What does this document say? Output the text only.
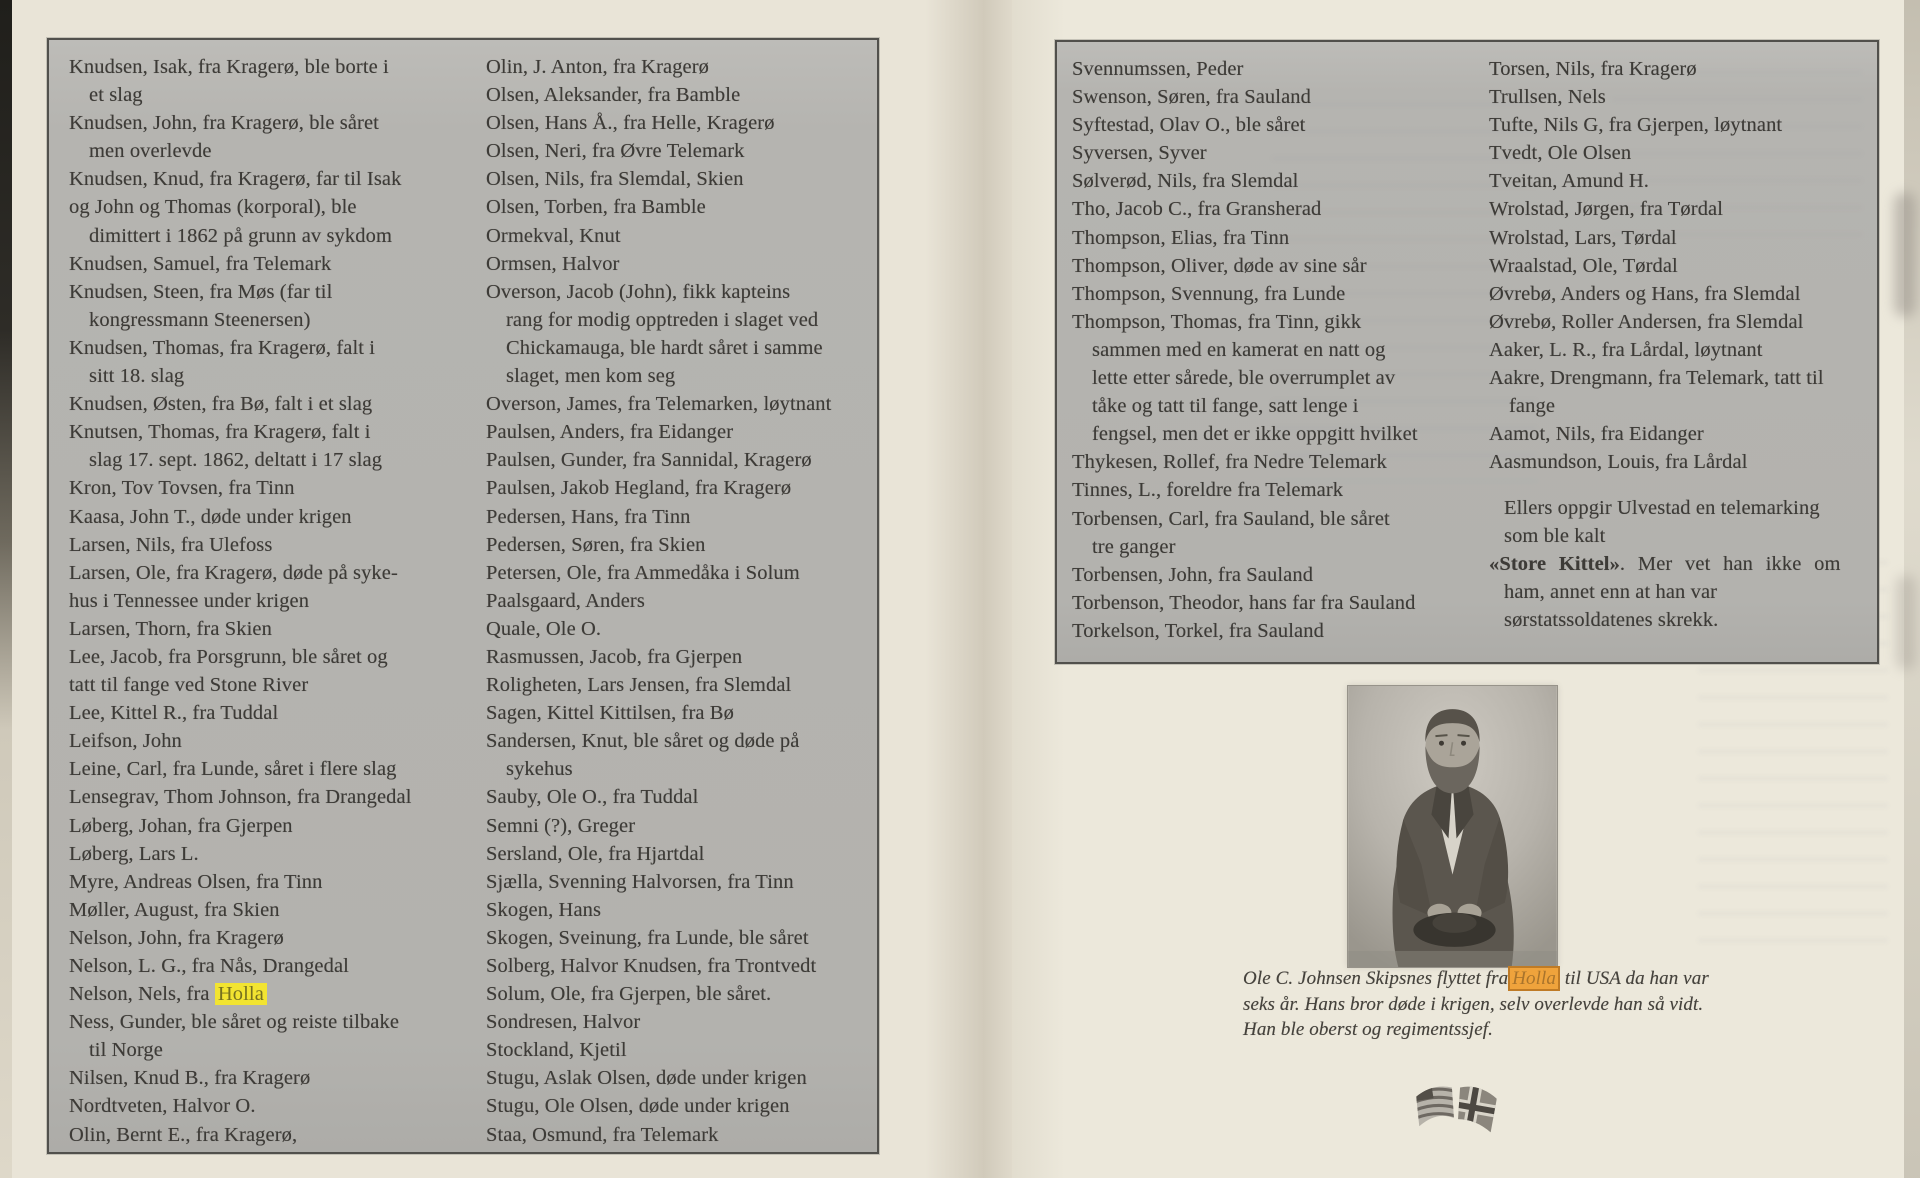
Knudsen, Isak, fra Kragerø, ble borte i
et slag
Knudsen, John, fra Kragerø, ble såret
men overlevde
Knudsen, Knud, fra Kragerø, far til Isak
og John og Thomas (korporal), ble
dimittert i 1862 på grunn av sykdom
Knudsen, Samuel, fra Telemark
Knudsen, Steen, fra Møs (far til
kongressmann Steenersen)
Knudsen, Thomas, fra Kragerø, falt i
sitt 18. slag
Knudsen, Østen, fra Bø, falt i et slag
Knutsen, Thomas, fra Kragerø, falt i
slag 17. sept. 1862, deltatt i 17 slag
Kron, Tov Tovsen, fra Tinn
Kaasa, John T., døde under krigen
Larsen, Nils, fra Ulefoss
Larsen, Ole, fra Kragerø, døde på syke-
hus i Tennessee under krigen
Larsen, Thorn, fra Skien
Lee, Jacob, fra Porsgrunn, ble såret og
tatt til fange ved Stone River
Lee, Kittel R., fra Tuddal
Leifson, John
Leine, Carl, fra Lunde, såret i flere slag
Lensegrav, Thom Johnson, fra Drangedal
Løberg, Johan, fra Gjerpen
Løberg, Lars L.
Myre, Andreas Olsen, fra Tinn
Møller, August, fra Skien
Nelson, John, fra Kragerø
Nelson, L. G., fra Nås, Drangedal
Nelson, Nels, fra Holla
Ness, Gunder, ble såret og reiste tilbake
til Norge
Nilsen, Knud B., fra Kragerø
Nordtveten, Halvor O.
Olin, Bernt E., fra Kragerø,
Olin, J. Anton, fra Kragerø
Olsen, Aleksander, fra Bamble
Olsen, Hans Å., fra Helle, Kragerø
Olsen, Neri, fra Øvre Telemark
Olsen, Nils, fra Slemdal, Skien
Olsen, Torben, fra Bamble
Ormekval, Knut
Ormsen, Halvor
Overson, Jacob (John), fikk kapteins
rang for modig opptreden i slaget ved
Chickamauga, ble hardt såret i samme
slaget, men kom seg
Overson, James, fra Telemarken, løytnant
Paulsen, Anders, fra Eidanger
Paulsen, Gunder, fra Sannidal, Kragerø
Paulsen, Jakob Hegland, fra Kragerø
Pedersen, Hans, fra Tinn
Pedersen, Søren, fra Skien
Petersen, Ole, fra Ammedåka i Solum
Paalsgaard, Anders
Quale, Ole O.
Rasmussen, Jacob, fra Gjerpen
Roligheten, Lars Jensen, fra Slemdal
Sagen, Kittel Kittilsen, fra Bø
Sandersen, Knut, ble såret og døde på
sykehus
Sauby, Ole O., fra Tuddal
Semni (?), Greger
Sersland, Ole, fra Hjartdal
Sjælla, Svenning Halvorsen, fra Tinn
Skogen, Hans
Skogen, Sveinung, fra Lunde, ble såret
Solberg, Halvor Knudsen, fra Trontvedt
Solum, Ole, fra Gjerpen, ble såret.
Sondresen, Halvor
Stockland, Kjetil
Stugu, Aslak Olsen, døde under krigen
Stugu, Ole Olsen, døde under krigen
Staa, Osmund, fra Telemark
Svennumssen, Peder
Swenson, Søren, fra Sauland
Syftestad, Olav O., ble såret
Syversen, Syver
Sølverød, Nils, fra Slemdal
Tho, Jacob C., fra Gransherad
Thompson, Elias, fra Tinn
Thompson, Oliver, døde av sine sår
Thompson, Svennung, fra Lunde
Thompson, Thomas, fra Tinn, gikk
sammen med en kamerat en natt og
lette etter sårede, ble overrumplet av
tåke og tatt til fange, satt lenge i
fengsel, men det er ikke oppgitt hvilket
Thykesen, Rollef, fra Nedre Telemark
Tinnes, L., foreldre fra Telemark
Torbensen, Carl, fra Sauland, ble såret
tre ganger
Torbensen, John, fra Sauland
Torbenson, Theodor, hans far fra Sauland
Torkelson, Torkel, fra Sauland
Torsen, Nils, fra Kragerø
Trullsen, Nels
Tufte, Nils G, fra Gjerpen, løytnant
Tvedt, Ole Olsen
Tveitan, Amund H.
Wrolstad, Jørgen, fra Tørdal
Wrolstad, Lars, Tørdal
Wraalstad, Ole, Tørdal
Øvrebø, Anders og Hans, fra Slemdal
Øvrebø, Roller Andersen, fra Slemdal
Aaker, L. R., fra Lårdal, løytnant
Aakre, Drengmann, fra Telemark, tatt til
fange
Aamot, Nils, fra Eidanger
Aasmundson, Louis, fra Lårdal
Ellers oppgir Ulvestad en telemarking
som ble kalt
«Store Kittel». Mer vet han ikke om
ham, annet enn at han var
sørstatssoldatenes skrekk.
Ole C. Johnsen Skipsnes flyttet fra Holla til USA da han var
seks år. Hans bror døde i krigen, selv overlevde han så vidt.
Han ble oberst og regimentssjef.
